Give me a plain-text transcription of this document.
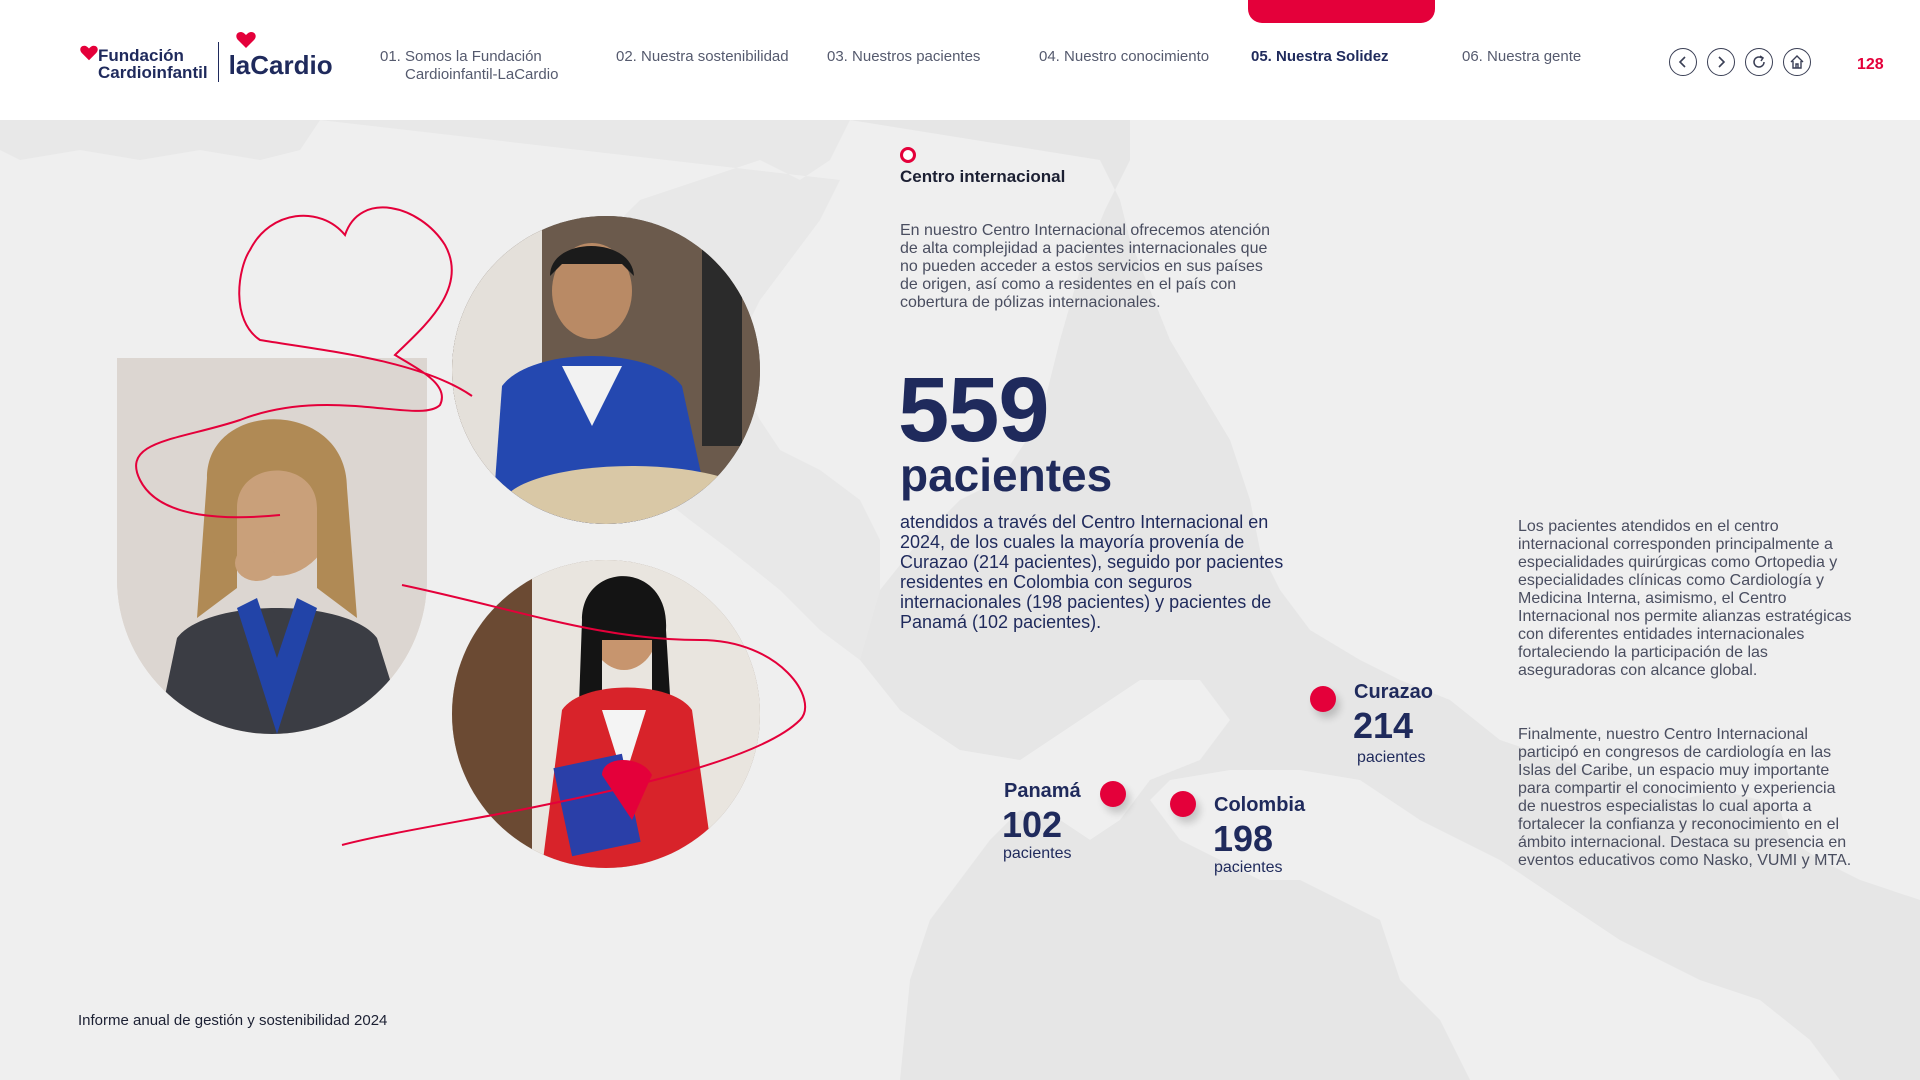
Fundación
Cardioinfantil laCardio	01. Somos la Fundación
Cardioinfantil-LaCardio
02. Nuestra sostenibilidad	03. Nuestros pacientes	04. Nuestro conocimiento	05. Nuestra Solidez	06. Nuestra gente	128
Centro internacional
En nuestro Centro Internacional ofrecemos atención de alta complejidad a pacientes internacionales que no pueden acceder a estos servicios en sus países de origen, así como a residentes en el país con cobertura de pólizas internacionales.
559
pacientes
atendidos a través del Centro Internacional en 2024, de los cuales la mayoría provenía de Curazao (214 pacientes), seguido por pacientes residentes en Colombia con seguros internacionales (198 pacientes) y pacientes de Panamá (102 pacientes).
Curazao
214
pacientes
Panamá
102
pacientes
Colombia
198
pacientes
Los pacientes atendidos en el centro internacional corresponden principalmente a especialidades quirúrgicas como Ortopedia y especialidades clínicas como Cardiología y Medicina Interna, asimismo, el Centro Internacional nos permite alianzas estratégicas con diferentes entidades internacionales fortaleciendo la participación de las aseguradoras con alcance global.
Finalmente, nuestro Centro Internacional participó en congresos de cardiología en las Islas del Caribe, un espacio muy importante para compartir el conocimiento y experiencia de nuestros especialistas lo cual aporta a fortalecer la confianza y reconocimiento en el ámbito internacional. Destaca su presencia en eventos educativos como Nasko, VUMI y MTA.
Informe anual de gestión y sostenibilidad 2024
